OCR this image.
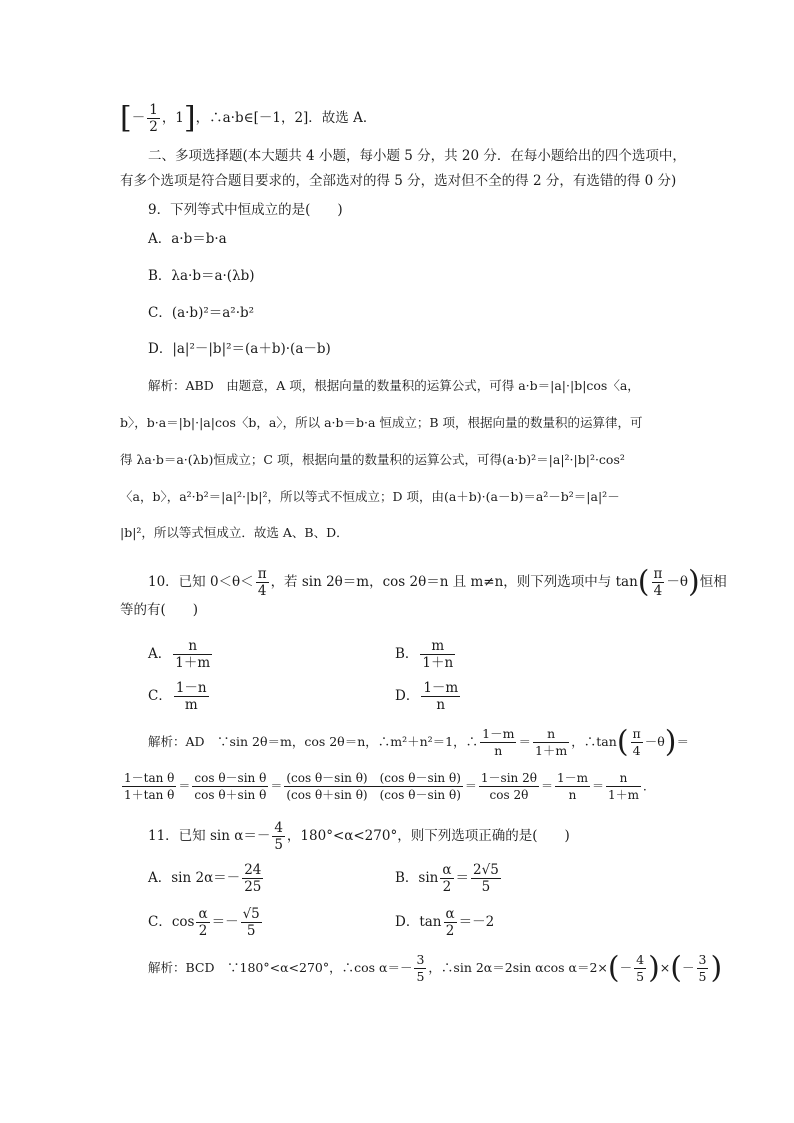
[－ $\frac{1}{2}$ ，1]，∴a·b∈[－1，2]．故选 A．
二、多项选择题(本大题共 4 小题，每小题 5 分，共 20 分．在每小题给出的四个选项中，
有多个选项是符合题目要求的，全部选对的得 5 分，选对但不全的得 2 分，有选错的得 0 分)
9．下列等式中恒成立的是(　　)
A．a·b＝b·a
B．λa·b＝a·(λb)
C．(a·b)²＝a²·b²
D．|a|²－|b|²＝(a＋b)·(a－b)
解析：ABD　由题意，A 项，根据向量的数量积的运算公式，可得 a·b＝|a|·|b|cos〈a，
b〉，b·a＝|b|·|a|cos〈b，a〉，所以 a·b＝b·a 恒成立；B 项，根据向量的数量积的运算律，可
得 λa·b＝a·(λb)恒成立；C 项，根据向量的数量积的运算公式，可得(a·b)²＝|a|²·|b|²·cos²
〈a，b〉，a²·b²＝|a|²·|b|²，所以等式不恒成立；D 项，由(a＋b)·(a－b)＝a²－b²＝|a|²－
|b|²，所以等式恒成立．故选 A、B、D．
10．已知 $0<\theta< \frac{\pi}{4}$ ，若 sin 2θ＝m，cos 2θ＝n 且 m≠n，则下列选项中与 $\tan( \frac{\pi}{4} -\theta)$恒相
等的有(　　)
A． $\frac{n}{1+m}$	B． $\frac{m}{1+n}$
C． $\frac{1-n}{m}$	D． $\frac{1-m}{n}$
解析：AD　∵sin 2θ＝m，cos 2θ＝n，∴m²＋n²＝1，∴ $\frac{1-m}{n} = \frac{n}{1+m}$ ，∴tan( $\frac{\pi}{4} -\theta)=$
$\frac{\text{1－tan θ}}{\text{1＋tan θ}} = \frac{\text{cos θ－sin θ}}{\text{cos θ＋sin θ}} = \frac{\text{(cos θ－sin θ)　(cos θ－sin θ)}}{\text{(cos θ＋sin θ)　(cos θ－sin θ)}} = \frac{1-\sin 2\theta}{\cos 2\theta} = \frac{1-m}{n} = \frac{n}{1+m}$ ．
11．已知 $\sin \alpha=- \frac{4}{5}$ ，180°<α<270°，则下列选项正确的是(　　)
A．$\sin 2\alpha=- \frac{24}{25}$	B．$\sin \frac{\alpha}{2} = \frac{2√5}{5}$
C．$\cos \frac{\alpha}{2} =- \frac{√5}{5}$	D．$\tan \frac{\alpha}{2} =-2$
解析：BCD　∵180°<α<270°，∴cos $\alpha=- \frac{3}{5}$ ，∴sin 2α＝2sin αcos $\alpha=2\times(- \frac{4}{5}$ )×(－ $\frac{3}{5}$ )
